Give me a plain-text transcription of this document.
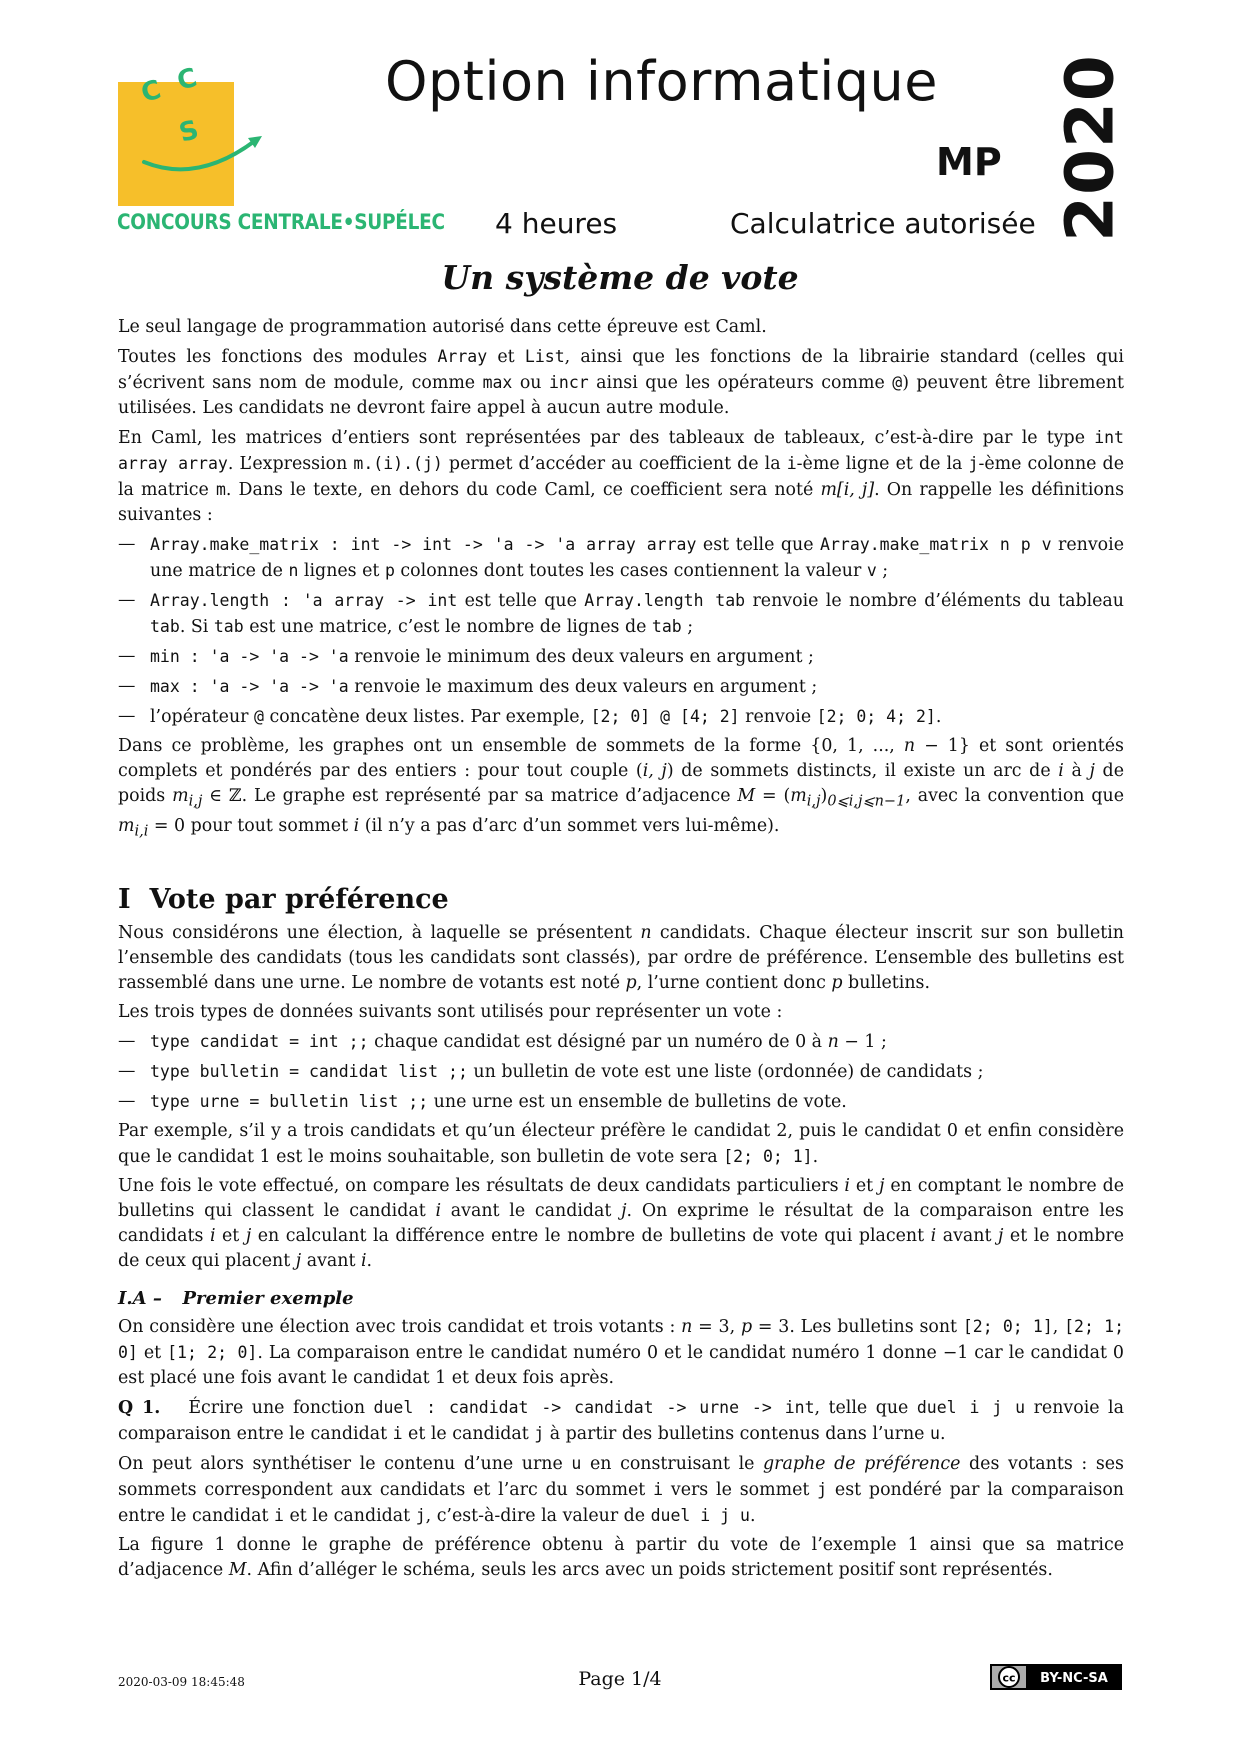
C C
S
CONCOURS CENTRALE•SUPÉLEC
Option informatique
MP
4 heures	Calculatrice autorisée 2020
Un système de vote

Le seul langage de programmation autorisé dans cette épreuve est Caml.

Toutes les fonctions des modules Array et List, ainsi que les fonctions de la librairie standard (celles qui s’écrivent sans nom de module, comme max ou incr ainsi que les opérateurs comme @) peuvent être librement utilisées. Les candidats ne devront faire appel à aucun autre module.

En Caml, les matrices d’entiers sont représentées par des tableaux de tableaux, c’est-à-dire par le type int array array. L’expression m.(i).(j) permet d’accéder au coefficient de la i-ème ligne et de la j-ème colonne de la matrice m. Dans le texte, en dehors du code Caml, ce coefficient sera noté m[i, j]. On rappelle les définitions suivantes :

— Array.make_matrix : int -> int -> 'a -> 'a array array est telle que Array.make_matrix n p v renvoie une matrice de n lignes et p colonnes dont toutes les cases contiennent la valeur v ;
— Array.length : 'a array -> int est telle que Array.length tab renvoie le nombre d’éléments du tableau tab. Si tab est une matrice, c’est le nombre de lignes de tab ;
— min : 'a -> 'a -> 'a renvoie le minimum des deux valeurs en argument ;
— max : 'a -> 'a -> 'a renvoie le maximum des deux valeurs en argument ;
— l’opérateur @ concatène deux listes. Par exemple, [2; 0] @ [4; 2] renvoie [2; 0; 4; 2].

Dans ce problème, les graphes ont un ensemble de sommets de la forme {0, 1, ..., n − 1} et sont orientés complets et pondérés par des entiers : pour tout couple (i, j) de sommets distincts, il existe un arc de i à j de poids $m_{i,j}$ ∈ ℤ. Le graphe est représenté par sa matrice d’adjacence $M = (m_{i,j})_{0⩽i,j⩽n-1}$, avec la convention que $m_{i,i} = 0$ pour tout sommet i (il n’y a pas d’arc d’un sommet vers lui-même).

I Vote par préférence

Nous considérons une élection, à laquelle se présentent n candidats. Chaque électeur inscrit sur son bulletin l’ensemble des candidats (tous les candidats sont classés), par ordre de préférence. L’ensemble des bulletins est rassemblé dans une urne. Le nombre de votants est noté p, l’urne contient donc p bulletins.

Les trois types de données suivants sont utilisés pour représenter un vote :

— type candidat = int ;; chaque candidat est désigné par un numéro de 0 à n − 1 ;
— type bulletin = candidat list ;; un bulletin de vote est une liste (ordonnée) de candidats ;
— type urne = bulletin list ;; une urne est un ensemble de bulletins de vote.

Par exemple, s’il y a trois candidats et qu’un électeur préfère le candidat 2, puis le candidat 0 et enfin considère que le candidat 1 est le moins souhaitable, son bulletin de vote sera [2; 0; 1].

Une fois le vote effectué, on compare les résultats de deux candidats particuliers i et j en comptant le nombre de bulletins qui classent le candidat i avant le candidat j. On exprime le résultat de la comparaison entre les candidats i et j en calculant la différence entre le nombre de bulletins de vote qui placent i avant j et le nombre de ceux qui placent j avant i.

I.A – Premier exemple

On considère une élection avec trois candidat et trois votants : n = 3, p = 3. Les bulletins sont [2; 0; 1], [2; 1; 0] et [1; 2; 0]. La comparaison entre le candidat numéro 0 et le candidat numéro 1 donne −1 car le candidat 0 est placé une fois avant le candidat 1 et deux fois après.

Q 1. Écrire une fonction duel : candidat -> candidat -> urne -> int, telle que duel i j u renvoie la comparaison entre le candidat i et le candidat j à partir des bulletins contenus dans l’urne u.

On peut alors synthétiser le contenu d’une urne u en construisant le graphe de préférence des votants : ses sommets correspondent aux candidats et l’arc du sommet i vers le sommet j est pondéré par la comparaison entre le candidat i et le candidat j, c’est-à-dire la valeur de duel i j u.

La figure 1 donne le graphe de préférence obtenu à partir du vote de l’exemple 1 ainsi que sa matrice d’adjacence M. Afin d’alléger le schéma, seuls les arcs avec un poids strictement positif sont représentés.

2020-03-09 18:45:48	Page 1/4	cc BY-NC-SA
